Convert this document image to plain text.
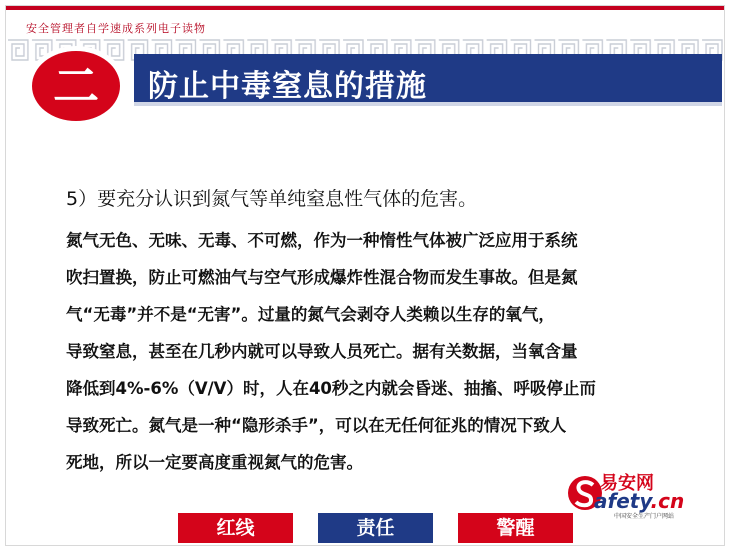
安全管理者自学速成系列电子读物
防止中毒窒息的措施
二
5）要充分认识到氮气等单纯窒息性气体的危害。
氮气无色、无味、无毒、不可燃，作为一种惰性气体被广泛应用于系统
吹扫置换，防止可燃油气与空气形成爆炸性混合物而发生事故。但是氮
气“无毒”并不是“无害”。过量的氮气会剥夺人类赖以生存的氧气，
导致窒息，甚至在几秒内就可以导致人员死亡。据有关数据，当氧含量
降低到4%-6%（V/V）时，人在40秒之内就会昏迷、抽搐、呼吸停止而
导致死亡。氮气是一种“隐形杀手”，可以在无任何征兆的情况下致人
死地，所以一定要高度重视氮气的危害。
易安网
afety.cn
中国安全生产门户网站
红线	责任	警醒
